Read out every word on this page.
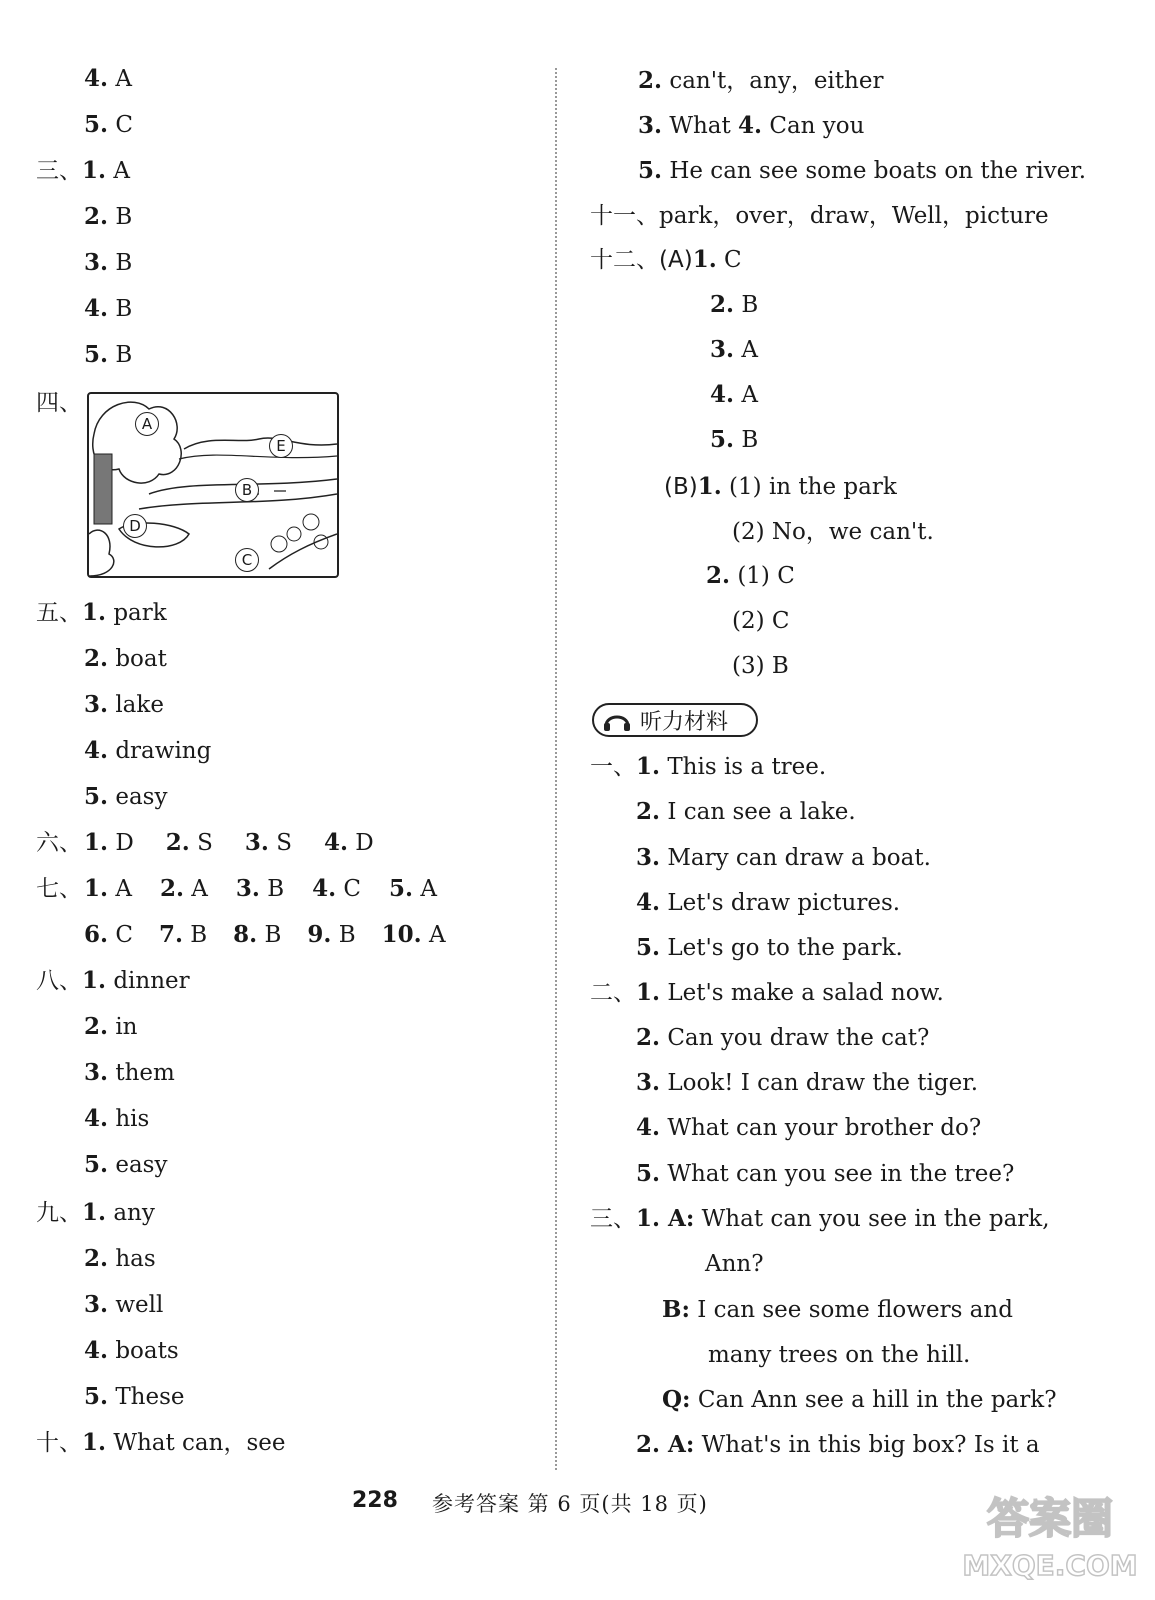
4. A
5. C
三、1. A
2. B
3. B
4. B
5. B
四、
五、1. park
2. boat
3. lake
4. drawing
5. easy
六、
七、
八、1. dinner
2. in
3. them
4. his
5. easy
九、1. any
2. has
3. well
4. boats
5. These
十、1. What can，see
1. D 2. S 3. S 4. D
1. A 2. A 3. B 4. C 5. A
6. C 7. B 8. B 9. B 10. A
A
E
B
D
C
2. can't，any，either
3. What 4. Can you
5. He can see some boats on the river.
十一、park，over，draw，Well，picture
十二、(A)1. C
2. B
3. A
4. A
5. B
(B)1. (1) in the park
(2) No，we can't.
2. (1) C
(2) C
(3) B
听力材料
一、1. This is a tree.
2. I can see a lake.
3. Mary can draw a boat.
4. Let's draw pictures.
5. Let's go to the park.
二、1. Let's make a salad now.
2. Can you draw the cat?
3. Look! I can draw the tiger.
4. What can your brother do?
5. What can you see in the tree?
三、1. A: What can you see in the park,
Ann?
B: I can see some flowers and
many trees on the hill.
Q: Can Ann see a hill in the park?
2. A: What's in this big box? Is it a
228 参考答案 第 6 页(共 18 页)	答案圈
MXQE.COM
